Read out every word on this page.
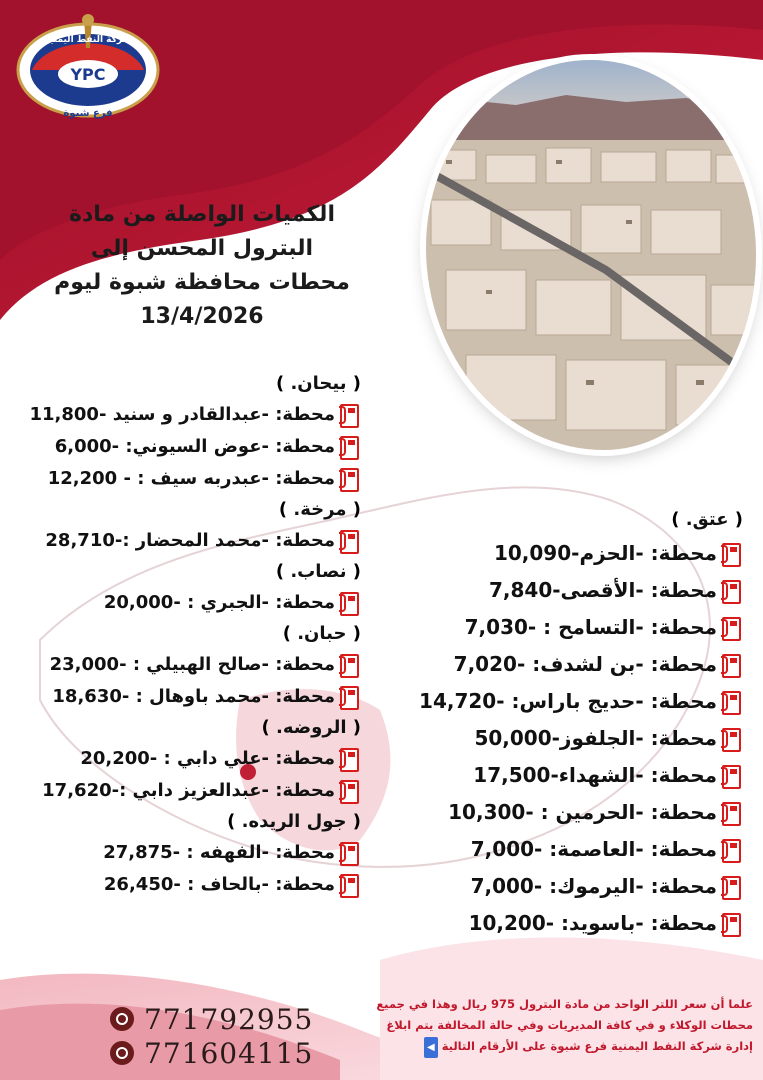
YPC
شركة النفط اليمنية
فرع شبوة
الكميات الواصلة من مادة
البترول المحسن إلى
محطات محافظة شبوة ليوم
13/4/2026
( بيحان. )
محطة: -عبدالقادر و سنيد -11,800
محطة: -عوض السيوني: -6,000
محطة: -عبدربه سيف : - 12,200
( مرخة. )
محطة: -محمد المحضار :-28,710
( نصاب. )
محطة: -الجبري : -20,000
( حبان. )
محطة: -صالح الهبيلي : -23,000
محطة: -محمد باوهال : -18,630
( الروضه. )
محطة: -علي دابي : -20,200
محطة: -عبدالعزيز دابي :-17,620
( جول الريده. )
محطة: -الفهفه : -27,875
محطة: -بالحاف : -26,450
( عتق. )
محطة: -الحزم-10,090
محطة: -الأقصى-7,840
محطة: -التسامح : -7,030
محطة: -بن لشدف: -7,020
محطة: -حديج باراس: -14,720
محطة: -الجلفوز-50,000
محطة: -الشهداء-17,500
محطة: -الحرمين : -10,300
محطة: -العاصمة: -7,000
محطة: -اليرموك: -7,000
محطة: -باسويد: -10,200
علما أن سعر اللتر الواحد من مادة البترول 975 ريال وهذا في جميع
محطات الوكلاء و في كافة المديريات وفي حالة المخالفة يتم ابلاغ
إدارة شركة النفط اليمنية فرع شبوة على الأرقام التالية◀
771792955
771604115
